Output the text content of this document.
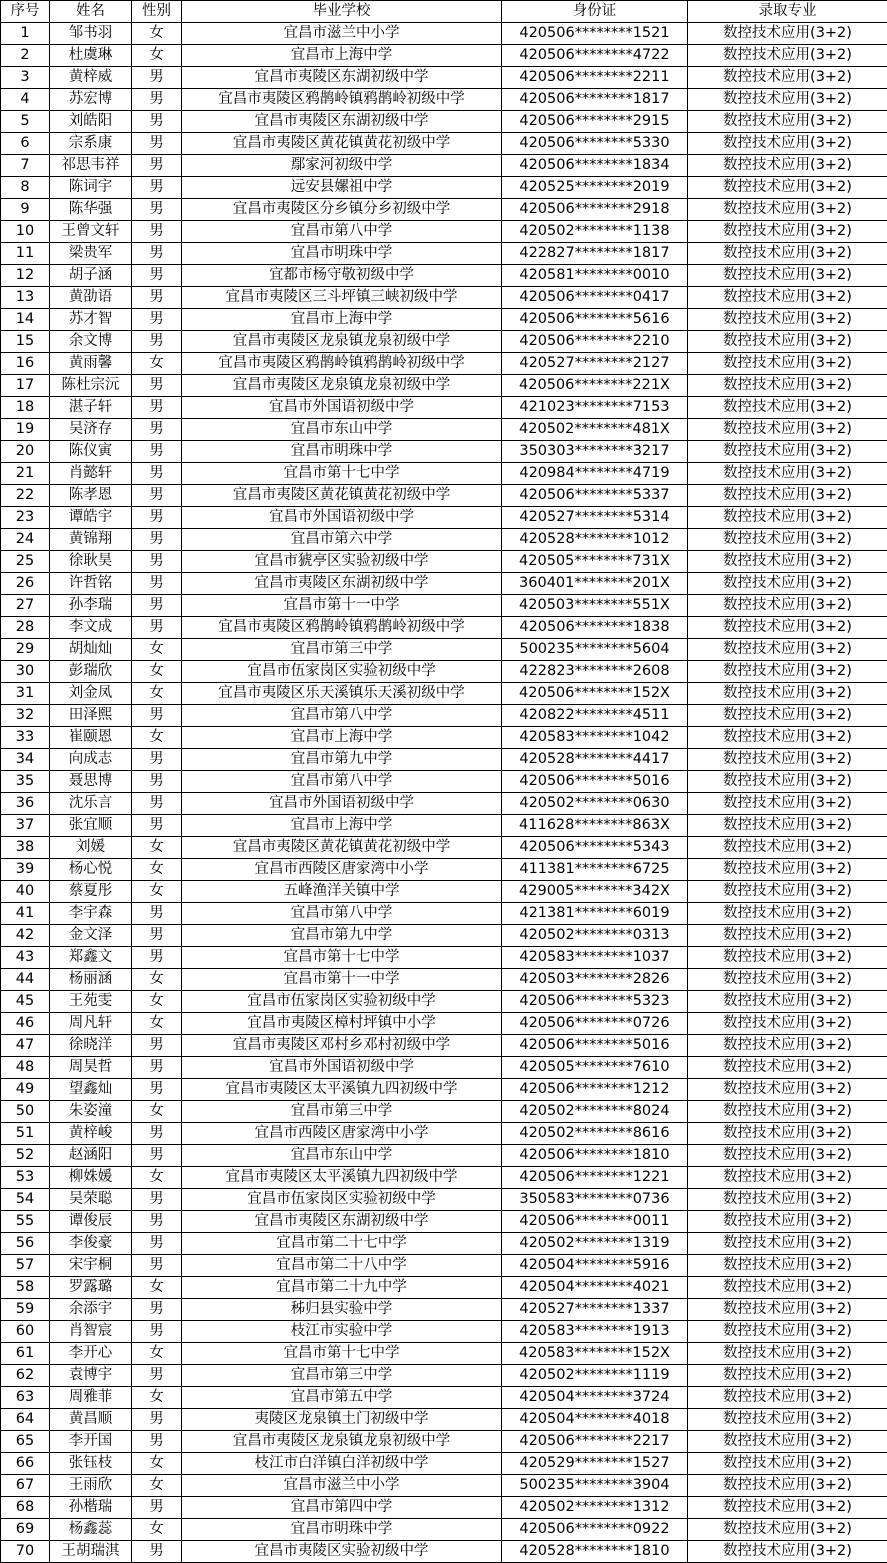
序号	姓名	性别	毕业学校	身份证	录取专业
1	邹书羽	女	宜昌市滋兰中小学	420506********1521	数控技术应用(3+2)
2	杜虞琳	女	宜昌市上海中学	420506********4722	数控技术应用(3+2)
3	黄梓威	男	宜昌市夷陵区东湖初级中学	420506********2211	数控技术应用(3+2)
4	苏宏博	男	宜昌市夷陵区鸦鹊岭镇鸦鹊岭初级中学	420506********1817	数控技术应用(3+2)
5	刘皓阳	男	宜昌市夷陵区东湖初级中学	420506********2915	数控技术应用(3+2)
6	宗系康	男	宜昌市夷陵区黄花镇黄花初级中学	420506********5330	数控技术应用(3+2)
7	祁思韦祥	男	鄢家河初级中学	420506********1834	数控技术应用(3+2)
8	陈词宇	男	远安县嫘祖中学	420525********2019	数控技术应用(3+2)
9	陈华强	男	宜昌市夷陵区分乡镇分乡初级中学	420506********2918	数控技术应用(3+2)
10	王曾文轩	男	宜昌市第八中学	420502********1138	数控技术应用(3+2)
11	梁贵军	男	宜昌市明珠中学	422827********1817	数控技术应用(3+2)
12	胡子涵	男	宜都市杨守敬初级中学	420581********0010	数控技术应用(3+2)
13	黄劭语	男	宜昌市夷陵区三斗坪镇三峡初级中学	420506********0417	数控技术应用(3+2)
14	苏才智	男	宜昌市上海中学	420506********5616	数控技术应用(3+2)
15	余文博	男	宜昌市夷陵区龙泉镇龙泉初级中学	420506********2210	数控技术应用(3+2)
16	黄雨馨	女	宜昌市夷陵区鸦鹊岭镇鸦鹊岭初级中学	420527********2127	数控技术应用(3+2)
17	陈杜宗沅	男	宜昌市夷陵区龙泉镇龙泉初级中学	420506********221X	数控技术应用(3+2)
18	湛子轩	男	宜昌市外国语初级中学	421023********7153	数控技术应用(3+2)
19	吴济存	男	宜昌市东山中学	420502********481X	数控技术应用(3+2)
20	陈仪寅	男	宜昌市明珠中学	350303********3217	数控技术应用(3+2)
21	肖懿轩	男	宜昌市第十七中学	420984********4719	数控技术应用(3+2)
22	陈孝恩	男	宜昌市夷陵区黄花镇黄花初级中学	420506********5337	数控技术应用(3+2)
23	谭皓宇	男	宜昌市外国语初级中学	420527********5314	数控技术应用(3+2)
24	黄锦翔	男	宜昌市第六中学	420528********1012	数控技术应用(3+2)
25	徐耿昊	男	宜昌市猇亭区实验初级中学	420505********731X	数控技术应用(3+2)
26	许哲铭	男	宜昌市夷陵区东湖初级中学	360401********201X	数控技术应用(3+2)
27	孙李瑞	男	宜昌市第十一中学	420503********551X	数控技术应用(3+2)
28	李文成	男	宜昌市夷陵区鸦鹊岭镇鸦鹊岭初级中学	420506********1838	数控技术应用(3+2)
29	胡灿灿	女	宜昌市第三中学	500235********5604	数控技术应用(3+2)
30	彭瑞欣	女	宜昌市伍家岗区实验初级中学	422823********2608	数控技术应用(3+2)
31	刘金凤	女	宜昌市夷陵区乐天溪镇乐天溪初级中学	420506********152X	数控技术应用(3+2)
32	田泽熙	男	宜昌市第八中学	420822********4511	数控技术应用(3+2)
33	崔颐恩	女	宜昌市上海中学	420583********1042	数控技术应用(3+2)
34	向成志	男	宜昌市第九中学	420528********4417	数控技术应用(3+2)
35	聂思博	男	宜昌市第八中学	420506********5016	数控技术应用(3+2)
36	沈乐言	男	宜昌市外国语初级中学	420502********0630	数控技术应用(3+2)
37	张宜顺	男	宜昌市上海中学	411628********863X	数控技术应用(3+2)
38	刘媛	女	宜昌市夷陵区黄花镇黄花初级中学	420506********5343	数控技术应用(3+2)
39	杨心悦	女	宜昌市西陵区唐家湾中小学	411381********6725	数控技术应用(3+2)
40	蔡夏彤	女	五峰渔洋关镇中学	429005********342X	数控技术应用(3+2)
41	李宇森	男	宜昌市第八中学	421381********6019	数控技术应用(3+2)
42	金文泽	男	宜昌市第九中学	420502********0313	数控技术应用(3+2)
43	郑鑫文	男	宜昌市第十七中学	420583********1037	数控技术应用(3+2)
44	杨丽涵	女	宜昌市第十一中学	420503********2826	数控技术应用(3+2)
45	王苑雯	女	宜昌市伍家岗区实验初级中学	420506********5323	数控技术应用(3+2)
46	周凡轩	女	宜昌市夷陵区樟村坪镇中小学	420506********0726	数控技术应用(3+2)
47	徐晓洋	男	宜昌市夷陵区邓村乡邓村初级中学	420506********5016	数控技术应用(3+2)
48	周昊哲	男	宜昌市外国语初级中学	420505********7610	数控技术应用(3+2)
49	望鑫灿	男	宜昌市夷陵区太平溪镇九四初级中学	420506********1212	数控技术应用(3+2)
50	朱姿潼	女	宜昌市第三中学	420502********8024	数控技术应用(3+2)
51	黄梓峻	男	宜昌市西陵区唐家湾中小学	420502********8616	数控技术应用(3+2)
52	赵涵阳	男	宜昌市东山中学	420506********1810	数控技术应用(3+2)
53	柳姝媛	女	宜昌市夷陵区太平溪镇九四初级中学	420506********1221	数控技术应用(3+2)
54	吴荣聪	男	宜昌市伍家岗区实验初级中学	350583********0736	数控技术应用(3+2)
55	谭俊辰	男	宜昌市夷陵区东湖初级中学	420506********0011	数控技术应用(3+2)
56	李俊豪	男	宜昌市第二十七中学	420502********1319	数控技术应用(3+2)
57	宋宇桐	男	宜昌市第二十八中学	420504********5916	数控技术应用(3+2)
58	罗露璐	女	宜昌市第二十九中学	420504********4021	数控技术应用(3+2)
59	余添宇	男	秭归县实验中学	420527********1337	数控技术应用(3+2)
60	肖智宸	男	枝江市实验中学	420583********1913	数控技术应用(3+2)
61	李开心	女	宜昌市第十七中学	420583********152X	数控技术应用(3+2)
62	袁博宇	男	宜昌市第三中学	420502********1119	数控技术应用(3+2)
63	周雅菲	女	宜昌市第五中学	420504********3724	数控技术应用(3+2)
64	黄昌顺	男	夷陵区龙泉镇土门初级中学	420504********4018	数控技术应用(3+2)
65	李开国	男	宜昌市夷陵区龙泉镇龙泉初级中学	420506********2217	数控技术应用(3+2)
66	张钰枝	女	枝江市白洋镇白洋初级中学	420529********1527	数控技术应用(3+2)
67	王雨欣	女	宜昌市滋兰中小学	500235********3904	数控技术应用(3+2)
68	孙楷瑞	男	宜昌市第四中学	420502********1312	数控技术应用(3+2)
69	杨鑫蕊	女	宜昌市明珠中学	420506********0922	数控技术应用(3+2)
70	王胡瑞淇	男	宜昌市夷陵区实验初级中学	420528********1810	数控技术应用(3+2)
